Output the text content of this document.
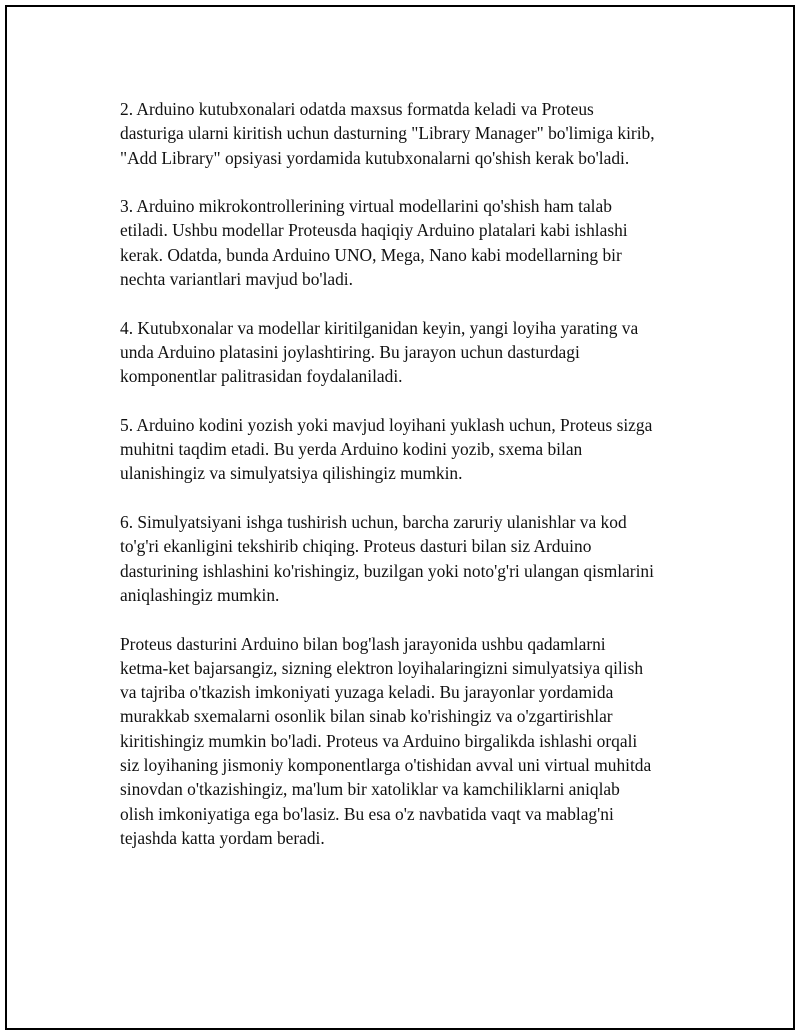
2. Arduino kutubxonalari odatda maxsus formatda keladi va Proteus
dasturiga ularni kiritish uchun dasturning "Library Manager" bo'limiga kirib,
"Add Library" opsiyasi yordamida kutubxonalarni qo'shish kerak bo'ladi.

3. Arduino mikrokontrollerining virtual modellarini qo'shish ham talab
etiladi. Ushbu modellar Proteusda haqiqiy Arduino platalari kabi ishlashi
kerak. Odatda, bunda Arduino UNO, Mega, Nano kabi modellarning bir
nechta variantlari mavjud bo'ladi.

4. Kutubxonalar va modellar kiritilganidan keyin, yangi loyiha yarating va
unda Arduino platasini joylashtiring. Bu jarayon uchun dasturdagi
komponentlar palitrasidan foydalaniladi.

5. Arduino kodini yozish yoki mavjud loyihani yuklash uchun, Proteus sizga
muhitni taqdim etadi. Bu yerda Arduino kodini yozib, sxema bilan
ulanishingiz va simulyatsiya qilishingiz mumkin.

6. Simulyatsiyani ishga tushirish uchun, barcha zaruriy ulanishlar va kod
to'g'ri ekanligini tekshirib chiqing. Proteus dasturi bilan siz Arduino
dasturining ishlashini ko'rishingiz, buzilgan yoki noto'g'ri ulangan qismlarini
aniqlashingiz mumkin.

Proteus dasturini Arduino bilan bog'lash jarayonida ushbu qadamlarni
ketma-ket bajarsangiz, sizning elektron loyihalaringizni simulyatsiya qilish
va tajriba o'tkazish imkoniyati yuzaga keladi. Bu jarayonlar yordamida
murakkab sxemalarni osonlik bilan sinab ko'rishingiz va o'zgartirishlar
kiritishingiz mumkin bo'ladi. Proteus va Arduino birgalikda ishlashi orqali
siz loyihaning jismoniy komponentlarga o'tishidan avval uni virtual muhitda
sinovdan o'tkazishingiz, ma'lum bir xatoliklar va kamchiliklarni aniqlab
olish imkoniyatiga ega bo'lasiz. Bu esa o'z navbatida vaqt va mablag'ni
tejashda katta yordam beradi.
